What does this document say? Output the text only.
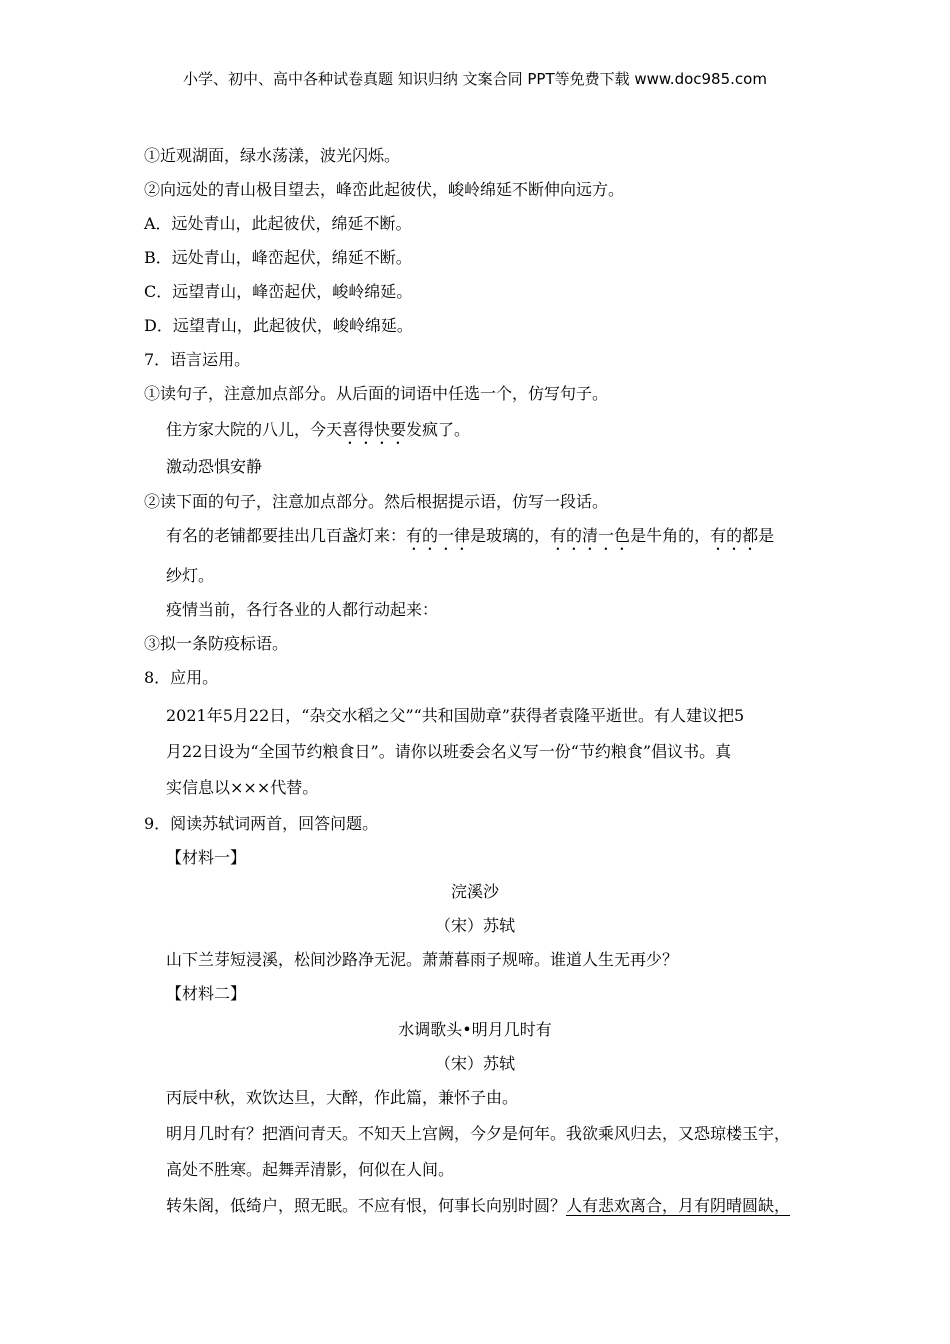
小学、初中、高中各种试卷真题 知识归纳 文案合同 PPT等免费下载 www.doc985.com
①近观湖面，绿水荡漾，波光闪烁。
②向远处的青山极目望去，峰峦此起彼伏，峻岭绵延不断伸向远方。
A．远处青山，此起彼伏，绵延不断。
B．远处青山，峰峦起伏，绵延不断。
C．远望青山，峰峦起伏，峻岭绵延。
D．远望青山，此起彼伏，峻岭绵延。
7．语言运用。
①读句子，注意加点部分。从后面的词语中任选一个，仿写句子。
住方家大院的八儿，今天喜得快要发疯了。
激动恐惧安静
②读下面的句子，注意加点部分。然后根据提示语，仿写一段话。
有名的老铺都要挂出几百盏灯来：有的一律是玻璃的，有的清一色是牛角的，有的都是
纱灯。
疫情当前，各行各业的人都行动起来：
③拟一条防疫标语。
8．应用。
2021年5月22日，“杂交水稻之父”“共和国勋章”获得者袁隆平逝世。有人建议把5
月22日设为“全国节约粮食日”。请你以班委会名义写一份“节约粮食”倡议书。真
实信息以×××代替。
9．阅读苏轼词两首，回答问题。
【材料一】
浣溪沙
（宋）苏轼
山下兰芽短浸溪，松间沙路净无泥。萧萧暮雨子规啼。谁道人生无再少？
【材料二】
水调歌头•明月几时有
（宋）苏轼
丙辰中秋，欢饮达旦，大醉，作此篇，兼怀子由。
明月几时有？把酒问青天。不知天上宫阙，今夕是何年。我欲乘风归去，又恐琼楼玉宇，
高处不胜寒。起舞弄清影，何似在人间。
转朱阁，低绮户，照无眠。不应有恨，何事长向别时圆？人有悲欢离合，月有阴晴圆缺，
